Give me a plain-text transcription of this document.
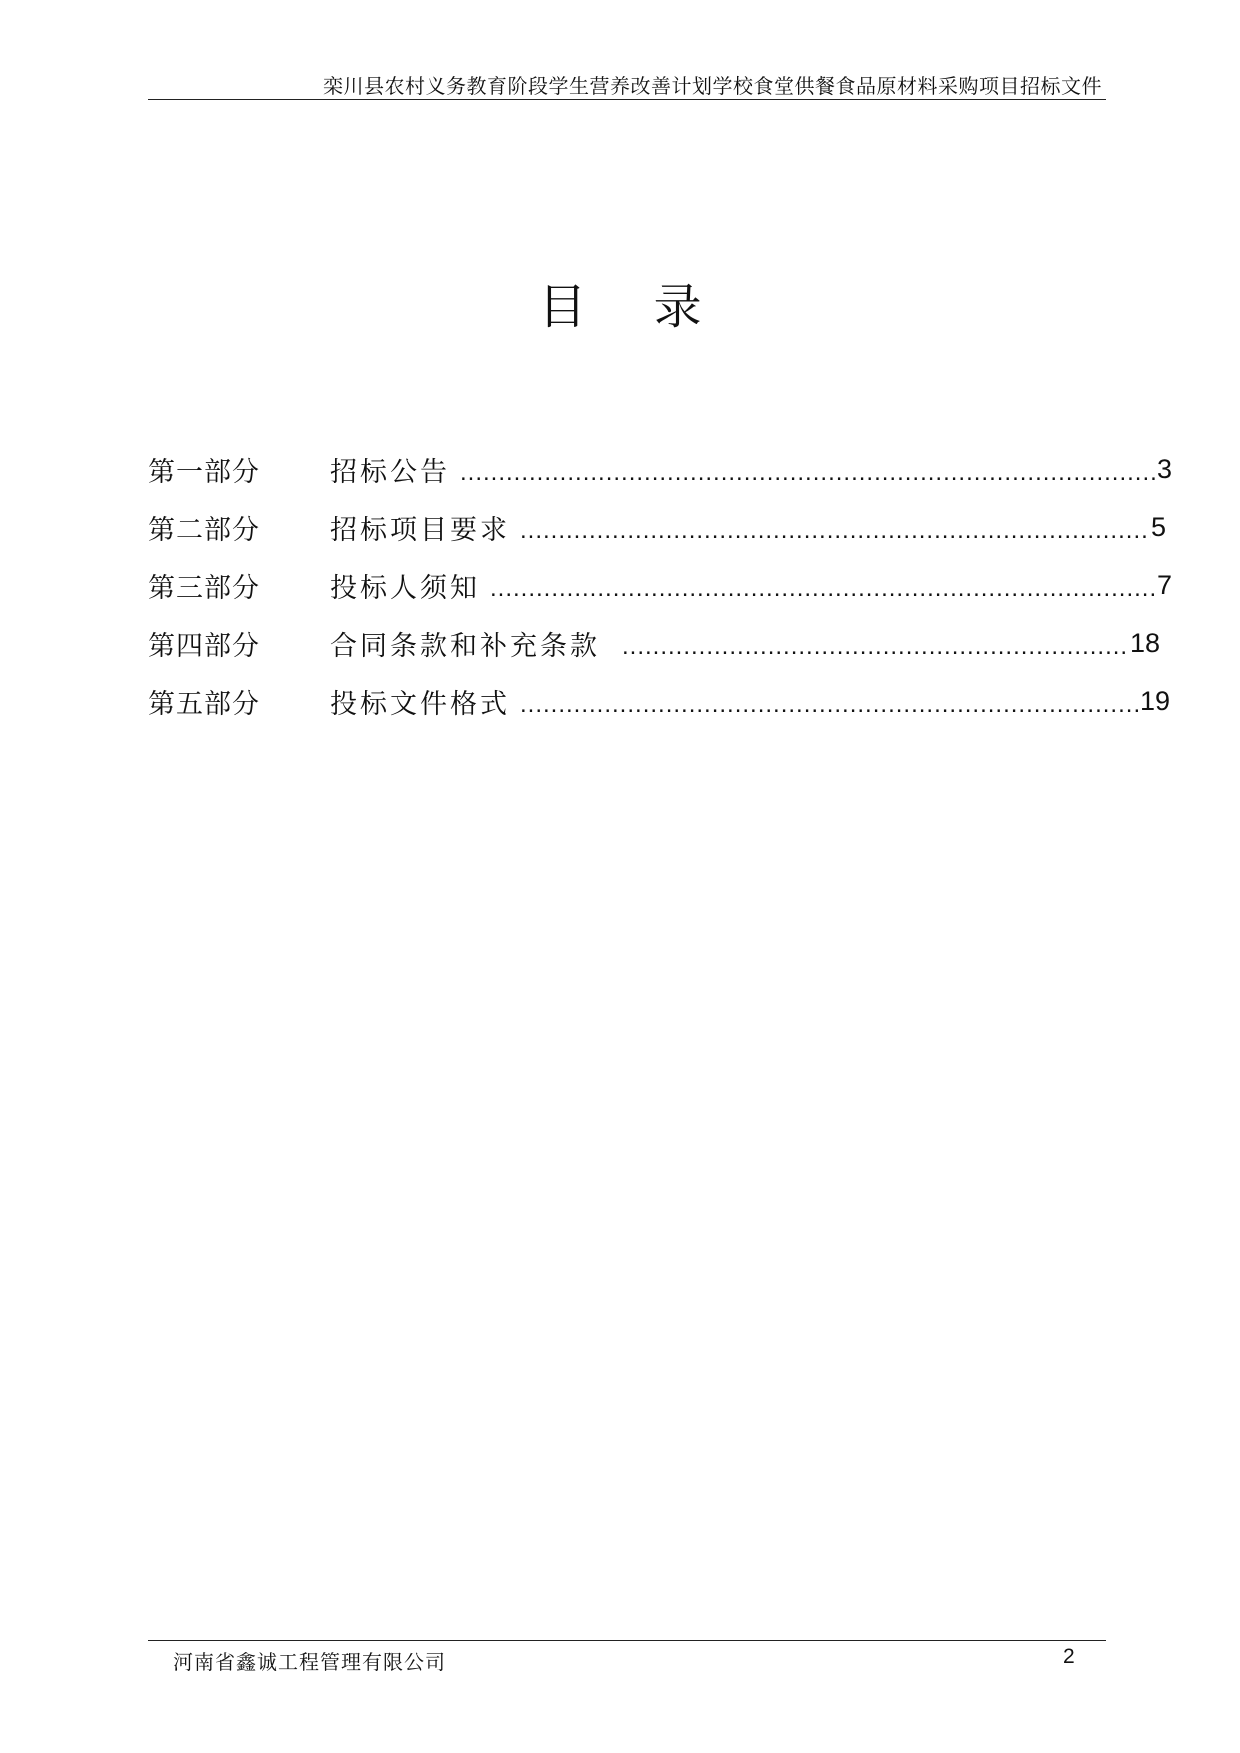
栾川县农村义务教育阶段学生营养改善计划学校食堂供餐食品原材料采购项目招标文件
目 录
第一部分	招标公告 .....	3
第二部分	招标项目要求 .....	5
第三部分	投标人须知 .....	7
第四部分	合同条款和补充条款 .....	18
第五部分	投标文件格式 .....	19
河南省鑫诚工程管理有限公司	2
